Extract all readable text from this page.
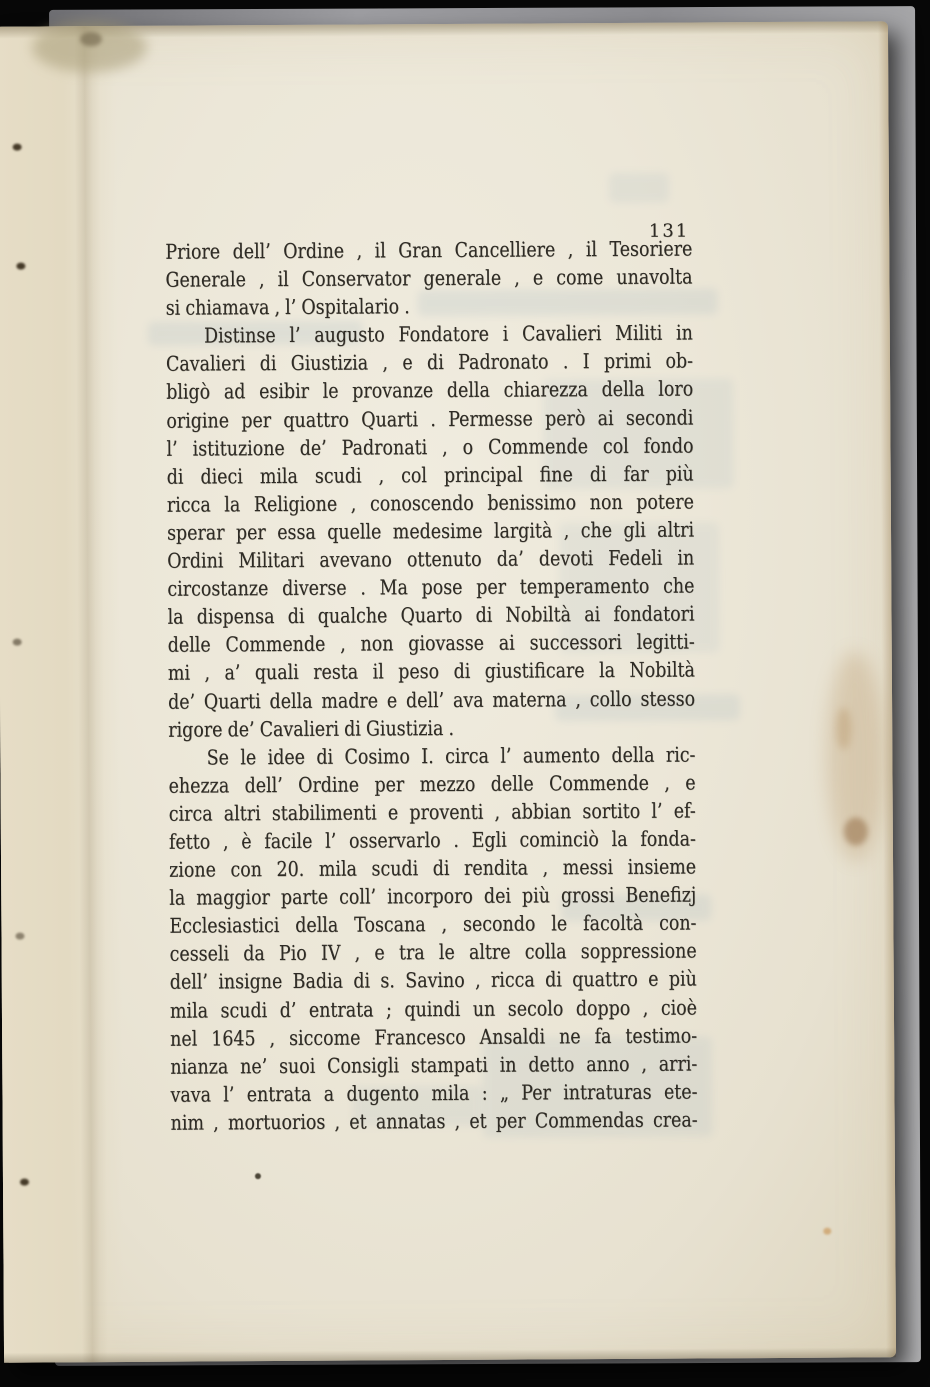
131
Priore dell’ Ordine , il Gran Cancelliere , il Tesoriere
Generale , il Conservator generale , e come unavolta
si chiamava , l’ Ospitalario .
Distinse l’ augusto Fondatore i Cavalieri Militi in
Cavalieri di Giustizia , e di Padronato . I primi ob-
bligò ad esibir le provanze della chiarezza della loro
origine per quattro Quarti . Permesse però ai secondi
l’ istituzione de’ Padronati , o Commende col fondo
di dieci mila scudi , col principal fine di far più
ricca la Religione , conoscendo benissimo non potere
sperar per essa quelle medesime largità , che gli altri
Ordini Militari avevano ottenuto da’ devoti Fedeli in
circostanze diverse . Ma pose per temperamento che
la dispensa di qualche Quarto di Nobiltà ai fondatori
delle Commende , non giovasse ai successori legitti-
mi , a’ quali resta il peso di giustificare la Nobiltà
de’ Quarti della madre e dell’ ava materna , collo stesso
rigore de’ Cavalieri di Giustizia .
Se le idee di Cosimo I. circa l’ aumento della ric-
ehezza dell’ Ordine per mezzo delle Commende , e
circa altri stabilimenti e proventi , abbian sortito l’ ef-
fetto , è facile l’ osservarlo . Egli cominciò la fonda-
zione con 20. mila scudi di rendita , messi insieme
la maggior parte coll’ incorporo dei più grossi Benefizj
Ecclesiastici della Toscana , secondo le facoltà con-
cesseli da Pio IV , e tra le altre colla soppressione
dell’ insigne Badia di s. Savino , ricca di quattro e più
mila scudi d’ entrata ; quindi un secolo doppo , cioè
nel 1645 , siccome Francesco Ansaldi ne fa testimo-
nianza ne’ suoi Consigli stampati in detto anno , arri-
vava l’ entrata a dugento mila : „ Per intraturas ete-
nim , mortuorios , et annatas , et per Commendas crea-
